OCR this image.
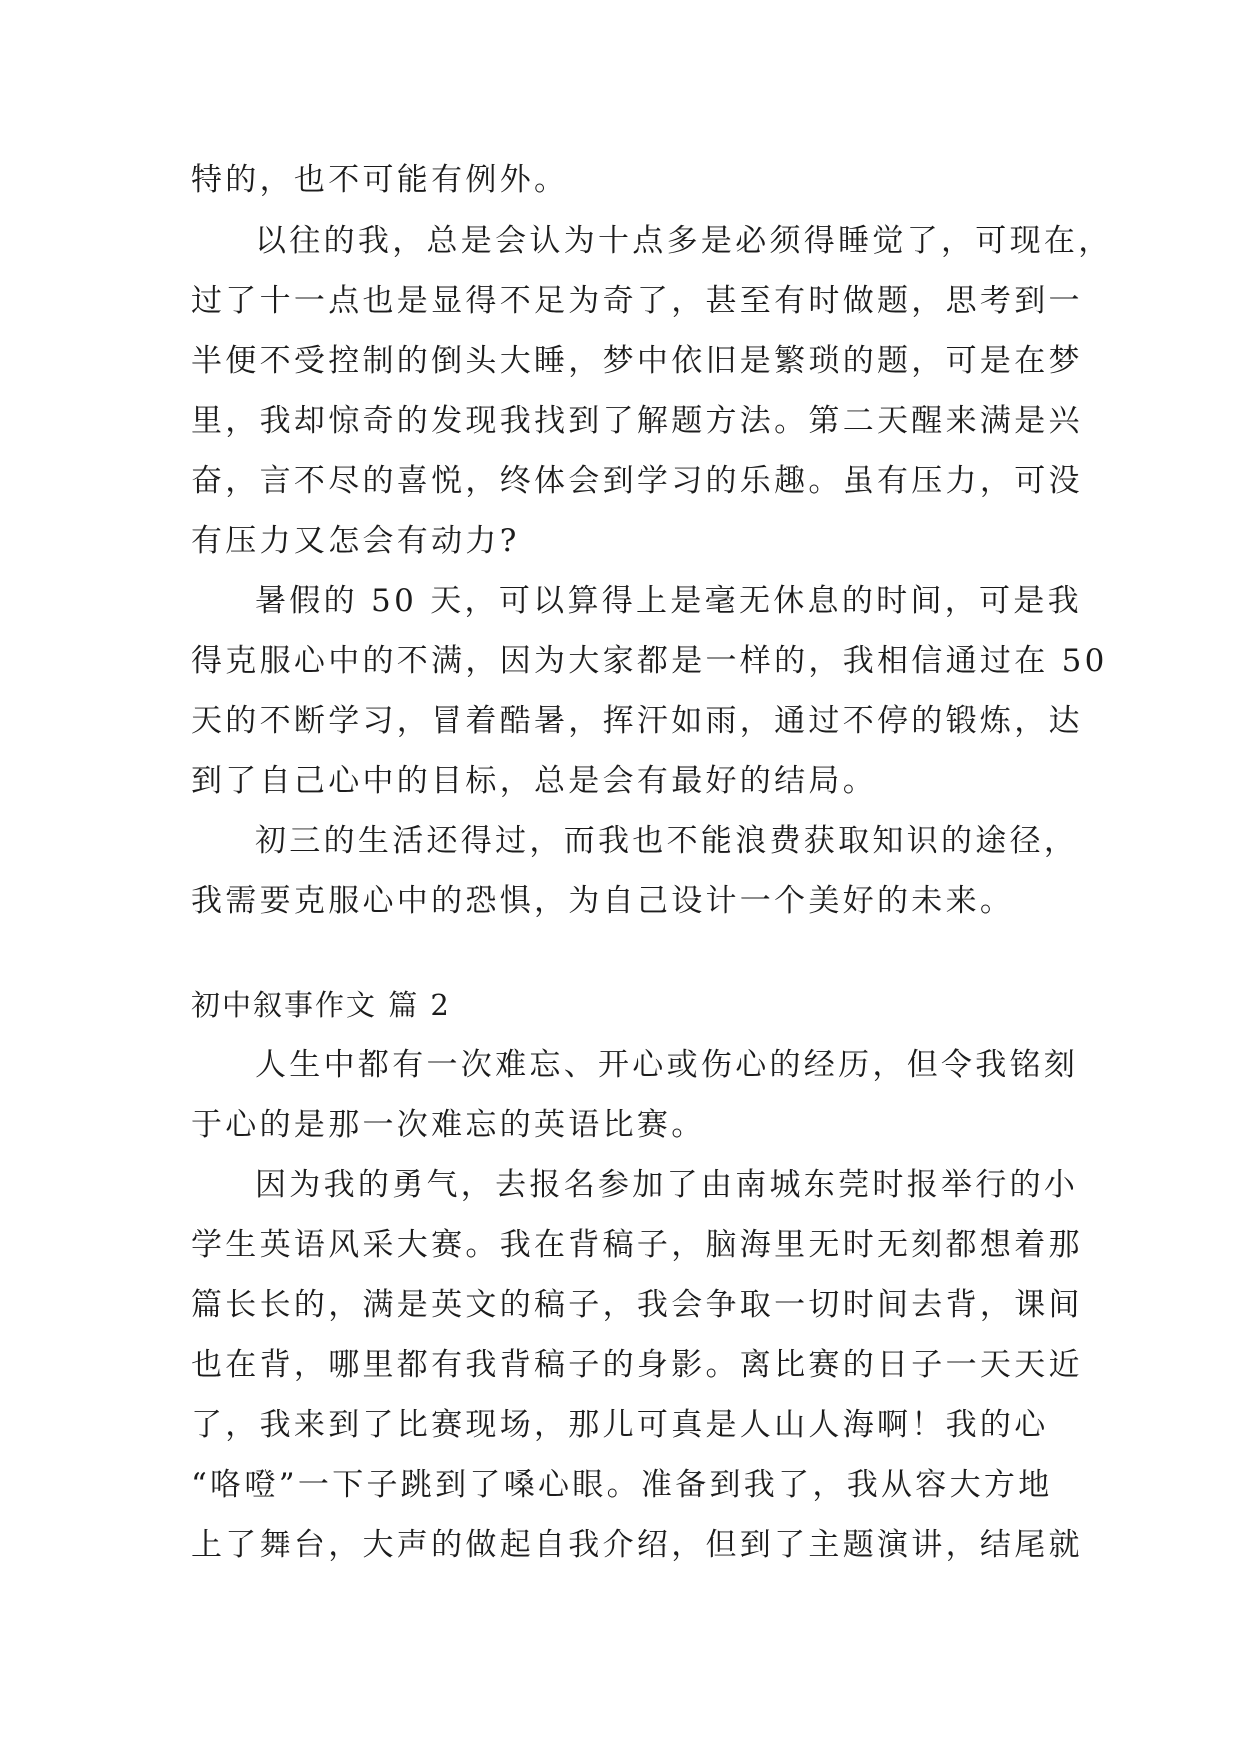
特的，也不可能有例外。
以往的我，总是会认为十点多是必须得睡觉了，可现在，
过了十一点也是显得不足为奇了，甚至有时做题，思考到一
半便不受控制的倒头大睡，梦中依旧是繁琐的题，可是在梦
里，我却惊奇的发现我找到了解题方法。第二天醒来满是兴
奋，言不尽的喜悦，终体会到学习的乐趣。虽有压力，可没
有压力又怎会有动力?
暑假的 50 天，可以算得上是毫无休息的时间，可是我
得克服心中的不满，因为大家都是一样的，我相信通过在 50
天的不断学习，冒着酷暑，挥汗如雨，通过不停的锻炼，达
到了自己心中的目标，总是会有最好的结局。
初三的生活还得过，而我也不能浪费获取知识的途径，
我需要克服心中的恐惧，为自己设计一个美好的未来。
初中叙事作文 篇 2
人生中都有一次难忘、开心或伤心的经历，但令我铭刻
于心的是那一次难忘的英语比赛。
因为我的勇气，去报名参加了由南城东莞时报举行的小
学生英语风采大赛。我在背稿子，脑海里无时无刻都想着那
篇长长的，满是英文的稿子，我会争取一切时间去背，课间
也在背，哪里都有我背稿子的身影。离比赛的日子一天天近
了，我来到了比赛现场，那儿可真是人山人海啊！我的心
“咯噔”一下子跳到了嗓心眼。准备到我了，我从容大方地
上了舞台，大声的做起自我介绍，但到了主题演讲，结尾就
